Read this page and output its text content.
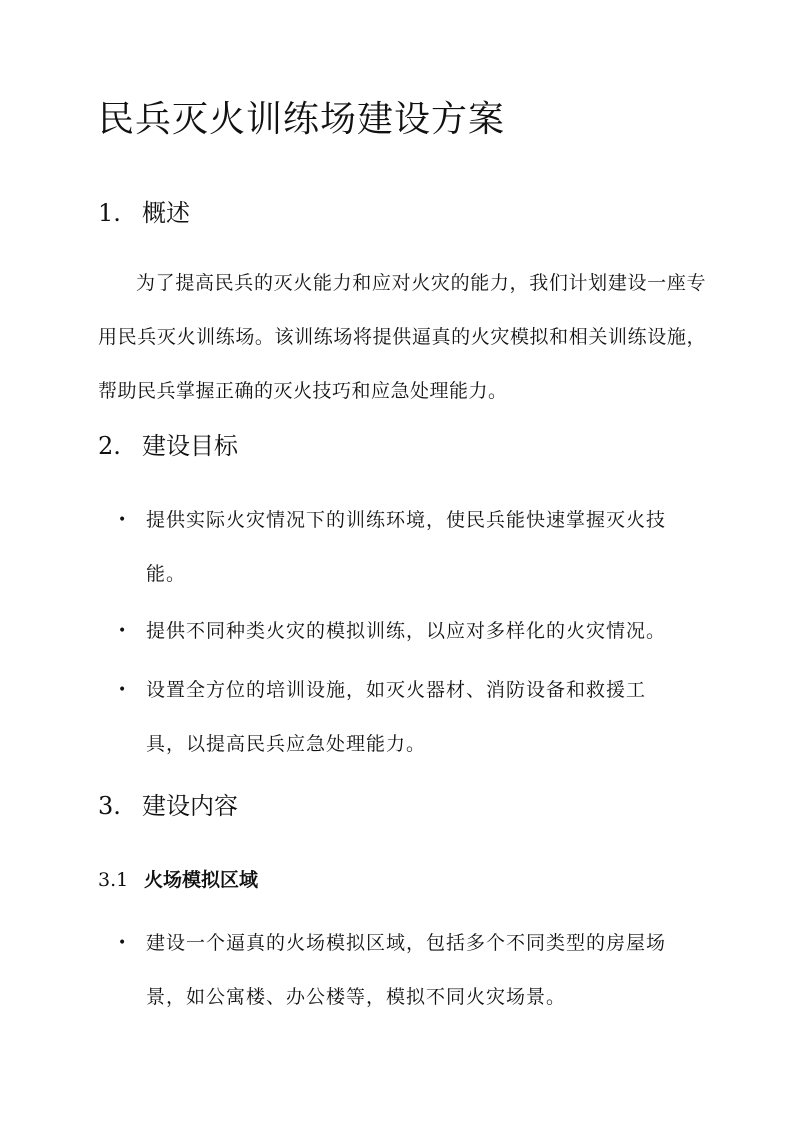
民兵灭火训练场建设方案
1. 概述
为了提高民兵的灭火能力和应对火灾的能力，我们计划建设一座专用民兵灭火训练场。该训练场将提供逼真的火灾模拟和相关训练设施，帮助民兵掌握正确的灭火技巧和应急处理能力。
2. 建设目标
• 提供实际火灾情况下的训练环境，使民兵能快速掌握灭火技能。
• 提供不同种类火灾的模拟训练，以应对多样化的火灾情况。
• 设置全方位的培训设施，如灭火器材、消防设备和救援工具，以提高民兵应急处理能力。
3. 建设内容
3.1 火场模拟区域
• 建设一个逼真的火场模拟区域，包括多个不同类型的房屋场景，如公寓楼、办公楼等，模拟不同火灾场景。
